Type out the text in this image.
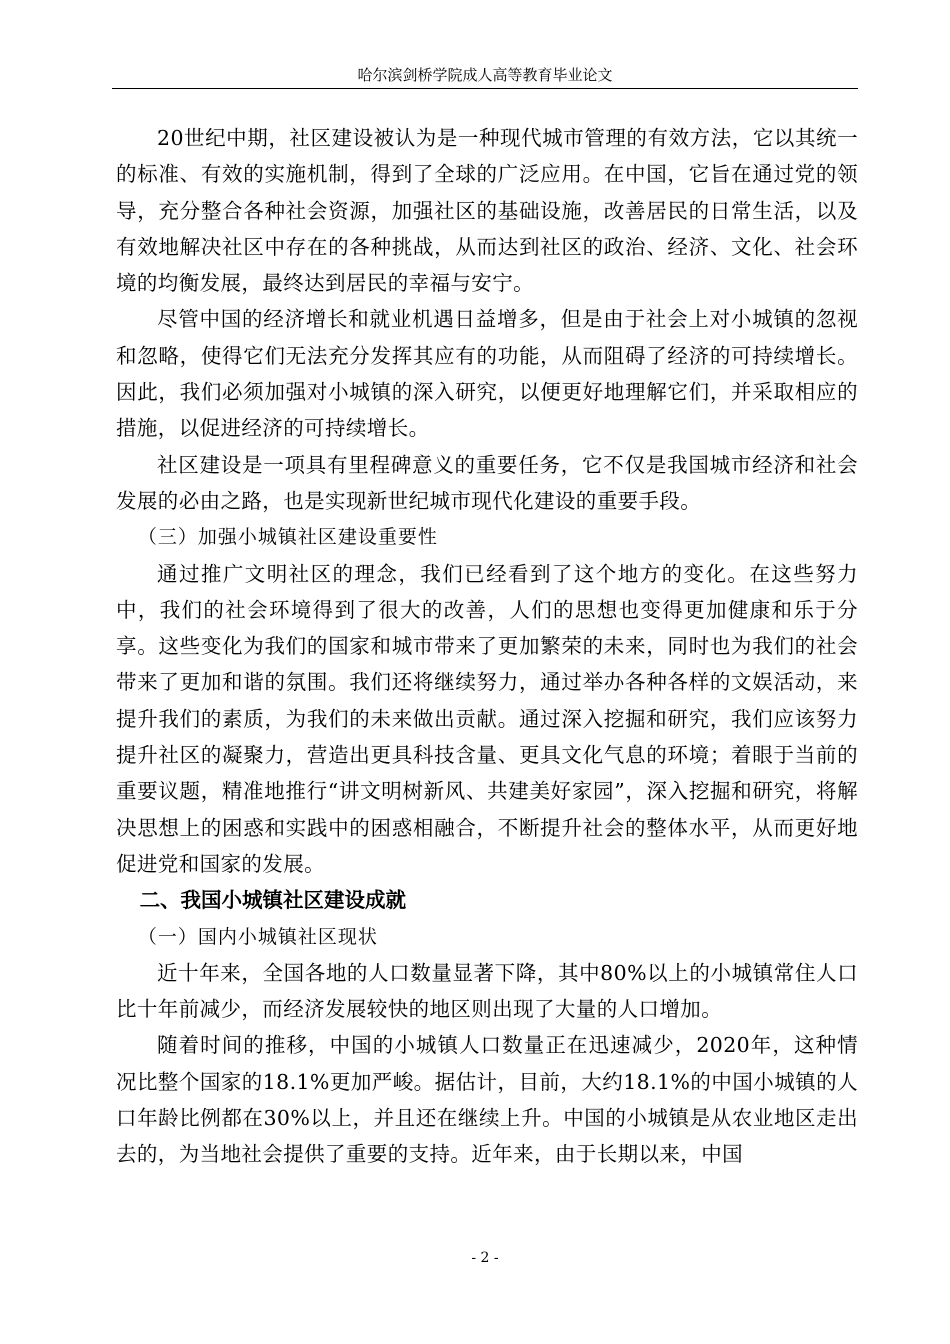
哈尔滨剑桥学院成人高等教育毕业论文

20世纪中期，社区建设被认为是一种现代城市管理的有效方法，它以其统一的标准、有效的实施机制，得到了全球的广泛应用。在中国，它旨在通过党的领导，充分整合各种社会资源，加强社区的基础设施，改善居民的日常生活，以及有效地解决社区中存在的各种挑战，从而达到社区的政治、经济、文化、社会环境的均衡发展，最终达到居民的幸福与安宁。

尽管中国的经济增长和就业机遇日益增多，但是由于社会上对小城镇的忽视和忽略，使得它们无法充分发挥其应有的功能，从而阻碍了经济的可持续增长。因此，我们必须加强对小城镇的深入研究，以便更好地理解它们，并采取相应的措施，以促进经济的可持续增长。

社区建设是一项具有里程碑意义的重要任务，它不仅是我国城市经济和社会发展的必由之路，也是实现新世纪城市现代化建设的重要手段。

（三）加强小城镇社区建设重要性

通过推广文明社区的理念，我们已经看到了这个地方的变化。在这些努力中，我们的社会环境得到了很大的改善，人们的思想也变得更加健康和乐于分享。这些变化为我们的国家和城市带来了更加繁荣的未来，同时也为我们的社会带来了更加和谐的氛围。我们还将继续努力，通过举办各种各样的文娱活动，来提升我们的素质，为我们的未来做出贡献。通过深入挖掘和研究，我们应该努力提升社区的凝聚力，营造出更具科技含量、更具文化气息的环境；着眼于当前的重要议题，精准地推行“讲文明树新风、共建美好家园”，深入挖掘和研究，将解决思想上的困惑和实践中的困惑相融合，不断提升社会的整体水平，从而更好地促进党和国家的发展。

二、我国小城镇社区建设成就

（一）国内小城镇社区现状

近十年来，全国各地的人口数量显著下降，其中80%以上的小城镇常住人口比十年前减少，而经济发展较快的地区则出现了大量的人口增加。

随着时间的推移，中国的小城镇人口数量正在迅速减少，2020年，这种情况比整个国家的18.1%更加严峻。据估计，目前，大约18.1%的中国小城镇的人口年龄比例都在30%以上，并且还在继续上升。中国的小城镇是从农业地区走出去的，为当地社会提供了重要的支持。近年来，由于长期以来，中国

- 2 -
